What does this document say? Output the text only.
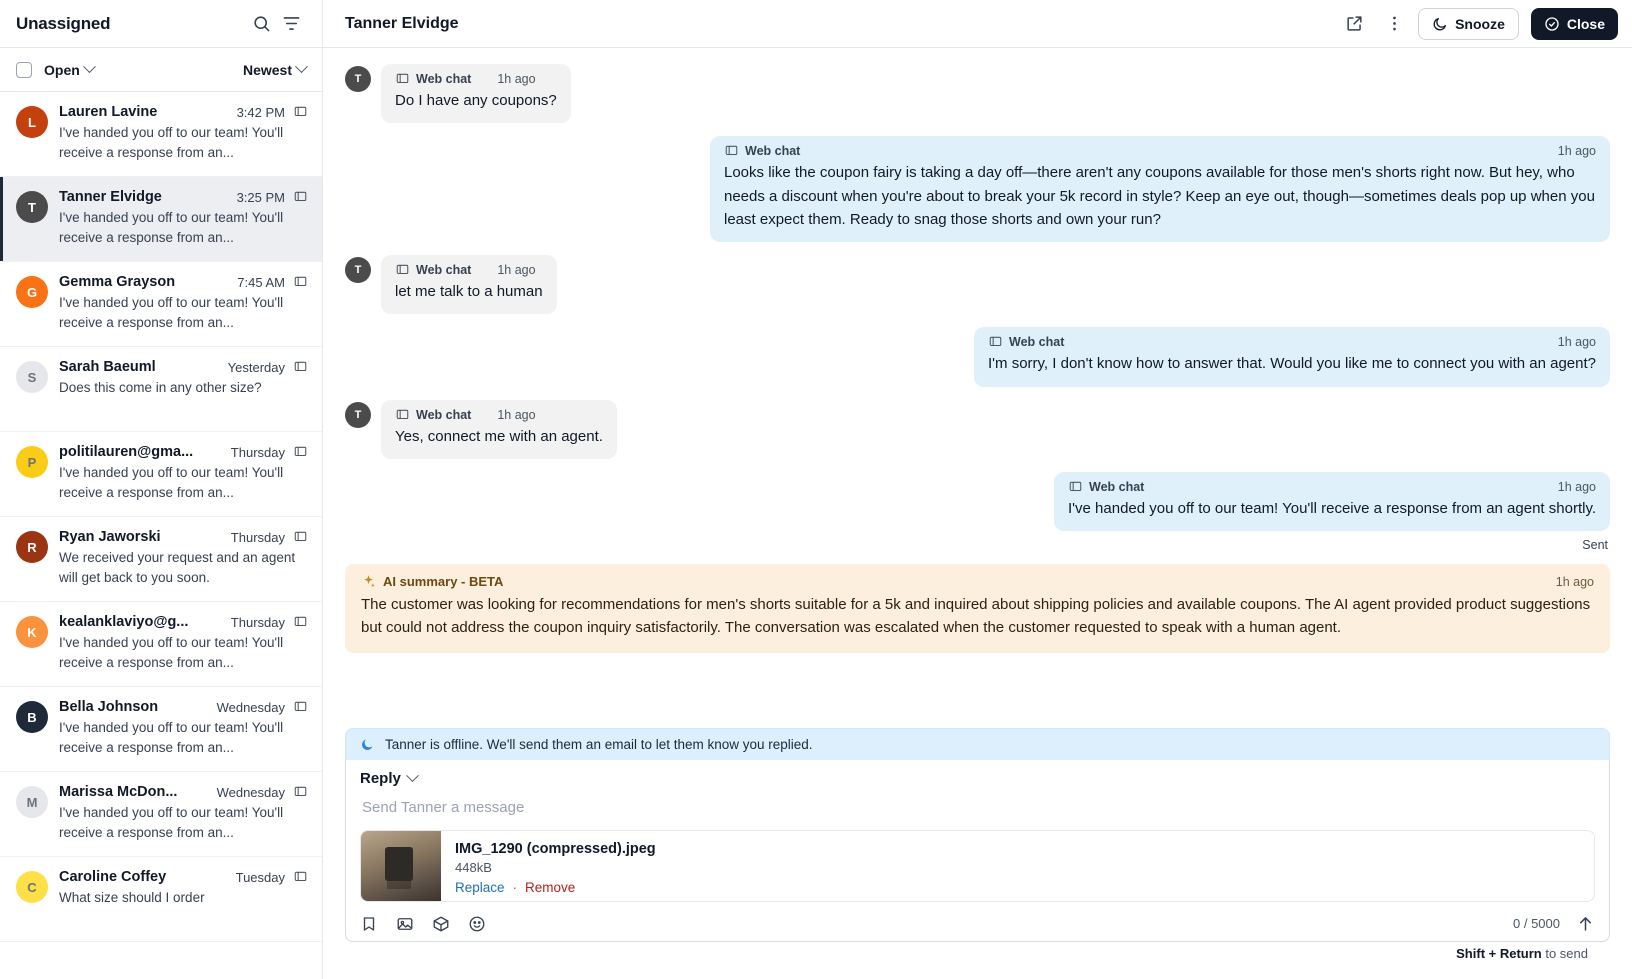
Unassigned
Open	Newest
L
Lauren Lavine	3:42 PM
I've handed you off to our team! You'll receive a response from an...
T
Tanner Elvidge	3:25 PM
I've handed you off to our team! You'll receive a response from an...
G
Gemma Grayson	7:45 AM
I've handed you off to our team! You'll receive a response from an...
S
Sarah Baeuml	Yesterday
Does this come in any other size?
P
politilauren@gma...	Thursday
I've handed you off to our team! You'll receive a response from an...
R
Ryan Jaworski	Thursday
We received your request and an agent will get back to you soon.
K
kealanklaviyo@g...	Thursday
I've handed you off to our team! You'll receive a response from an...
B
Bella Johnson	Wednesday
I've handed you off to our team! You'll receive a response from an...
M
Marissa McDon...	Wednesday
I've handed you off to our team! You'll receive a response from an...
C
Caroline Coffey	Tuesday
What size should I order
Tanner Elvidge	Snooze	Close
T	Web chat 1h ago
Do I have any coupons?
Web chat	1h ago
Looks like the coupon fairy is taking a day off—there aren't any coupons available for those men's shorts right now. But hey, who needs a discount when you're about to break your 5k record in style? Keep an eye out, though—sometimes deals pop up when you least expect them. Ready to snag those shorts and own your run?
T	Web chat 1h ago
let me talk to a human
Web chat	1h ago
I'm sorry, I don't know how to answer that. Would you like me to connect you with an agent?
T	Web chat 1h ago
Yes, connect me with an agent.
Web chat	1h ago
I've handed you off to our team! You'll receive a response from an agent shortly.
Sent
AI summary - BETA	1h ago
The customer was looking for recommendations for men's shorts suitable for a 5k and inquired about shipping policies and available coupons. The AI agent provided product suggestions but could not address the coupon inquiry satisfactorily. The conversation was escalated when the customer requested to speak with a human agent.
Tanner is offline. We'll send them an email to let them know you replied.
Reply
Send Tanner a message
IMG_1290 (compressed).jpeg
448kB
Replace · Remove
0 / 5000
Shift + Return to send
